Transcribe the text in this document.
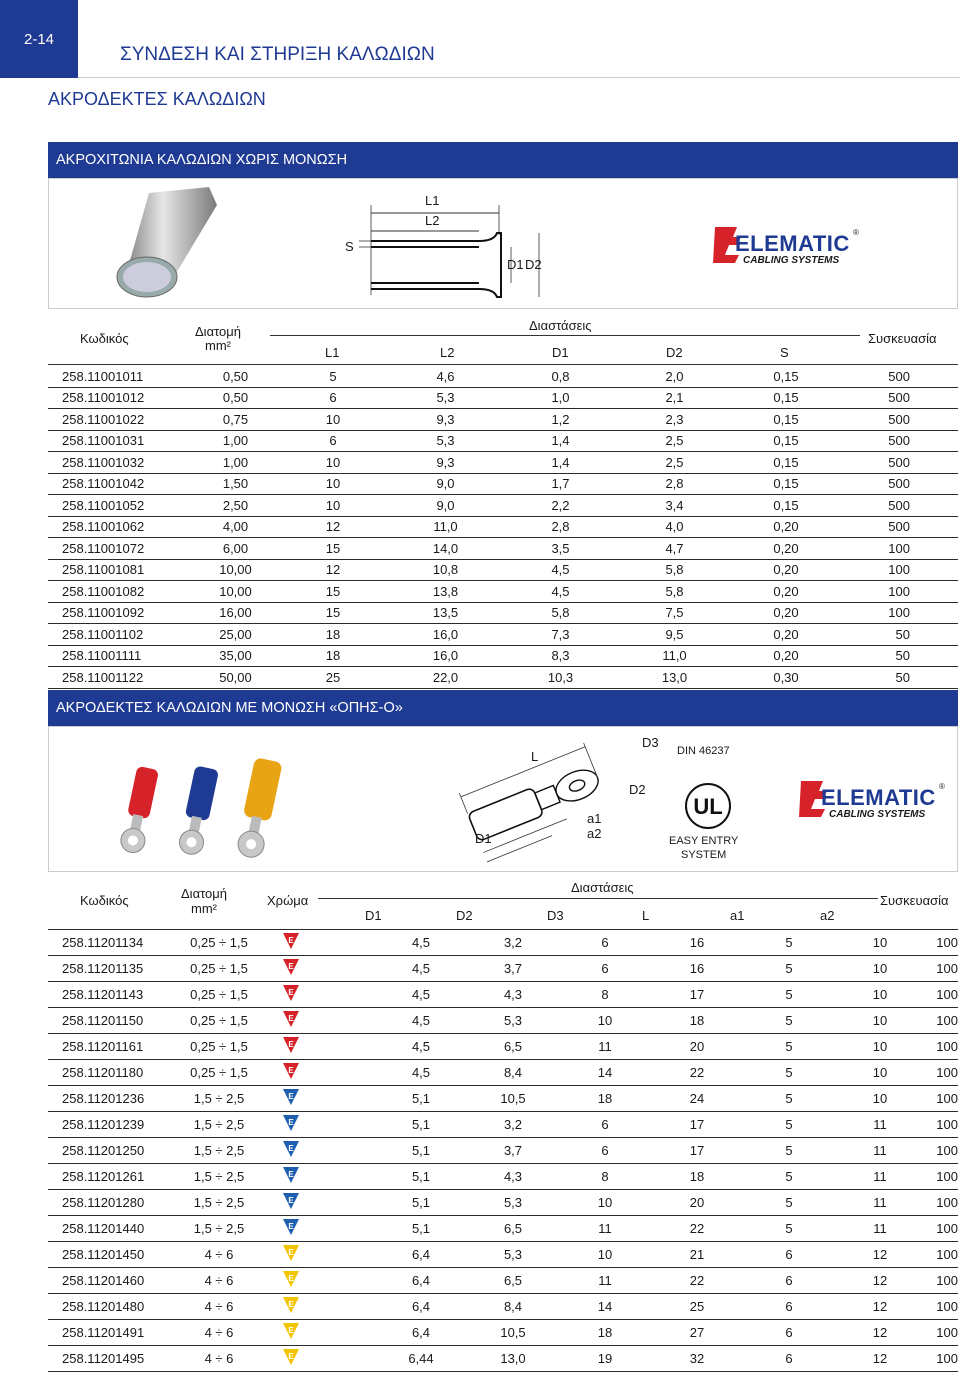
2-14
ΣΥΝΔΕΣΗ ΚΑΙ ΣΤΗΡΙΞΗ ΚΑΛΩΔΙΩΝ
ΑΚΡΟΔΕΚΤΕΣ ΚΑΛΩΔΙΩΝ
ΑΚΡΟΧΙΤΩΝΙΑ ΚΑΛΩΔΙΩΝ ΧΩΡΙΣ ΜΟΝΩΣΗ
L1
L2
S
D1 D2
ELEMATIC
CABLING SYSTEMS
®
Κωδικός	Διατομή
mm²
Διαστάσεις
L1	L2	D1	D2	S
Συσκευασία
258.11001011	0,50	5	4,6	0,8	2,0	0,15	500
258.11001012	0,50	6	5,3	1,0	2,1	0,15	500
258.11001022	0,75	10	9,3	1,2	2,3	0,15	500
258.11001031	1,00	6	5,3	1,4	2,5	0,15	500
258.11001032	1,00	10	9,3	1,4	2,5	0,15	500
258.11001042	1,50	10	9,0	1,7	2,8	0,15	500
258.11001052	2,50	10	9,0	2,2	3,4	0,15	500
258.11001062	4,00	12	11,0	2,8	4,0	0,20	500
258.11001072	6,00	15	14,0	3,5	4,7	0,20	100
258.11001081	10,00	12	10,8	4,5	5,8	0,20	100
258.11001082	10,00	15	13,8	4,5	5,8	0,20	100
258.11001092	16,00	15	13,5	5,8	7,5	0,20	100
258.11001102	25,00	18	16,0	7,3	9,5	0,20	50
258.11001111	35,00	18	16,0	8,3	11,0	0,20	50
258.11001122	50,00	25	22,0	10,3	13,0	0,30	50
ΑΚΡΟΔΕΚΤΕΣ ΚΑΛΩΔΙΩΝ ΜΕ ΜΟΝΩΣΗ «ΟΠΗΣ-Ο»
L
D3
D2
D1
a1
a2
DIN 46237
UL
EASY ENTRY
SYSTEM
ELEMATIC
CABLING SYSTEMS
®
Κωδικός	Διατομή
mm²
Χρώμα
Διαστάσεις
D1	D2	D3	L	a1	a2
Συσκευασία
258.11201134	0,25 ÷ 1,5	E	4,5	3,2	6	16	5	10	100
258.11201135	0,25 ÷ 1,5	E	4,5	3,7	6	16	5	10	100
258.11201143	0,25 ÷ 1,5	E	4,5	4,3	8	17	5	10	100
258.11201150	0,25 ÷ 1,5	E	4,5	5,3	10	18	5	10	100
258.11201161	0,25 ÷ 1,5	E	4,5	6,5	11	20	5	10	100
258.11201180	0,25 ÷ 1,5	E	4,5	8,4	14	22	5	10	100
258.11201236	1,5 ÷ 2,5	E	5,1	10,5	18	24	5	10	100
258.11201239	1,5 ÷ 2,5	E	5,1	3,2	6	17	5	11	100
258.11201250	1,5 ÷ 2,5	E	5,1	3,7	6	17	5	11	100
258.11201261	1,5 ÷ 2,5	E	5,1	4,3	8	18	5	11	100
258.11201280	1,5 ÷ 2,5	E	5,1	5,3	10	20	5	11	100
258.11201440	1,5 ÷ 2,5	E	5,1	6,5	11	22	5	11	100
258.11201450	4 ÷ 6	E	6,4	5,3	10	21	6	12	100
258.11201460	4 ÷ 6	E	6,4	6,5	11	22	6	12	100
258.11201480	4 ÷ 6	E	6,4	8,4	14	25	6	12	100
258.11201491	4 ÷ 6	E	6,4	10,5	18	27	6	12	100
258.11201495	4 ÷ 6	E	6,44	13,0	19	32	6	12	100
